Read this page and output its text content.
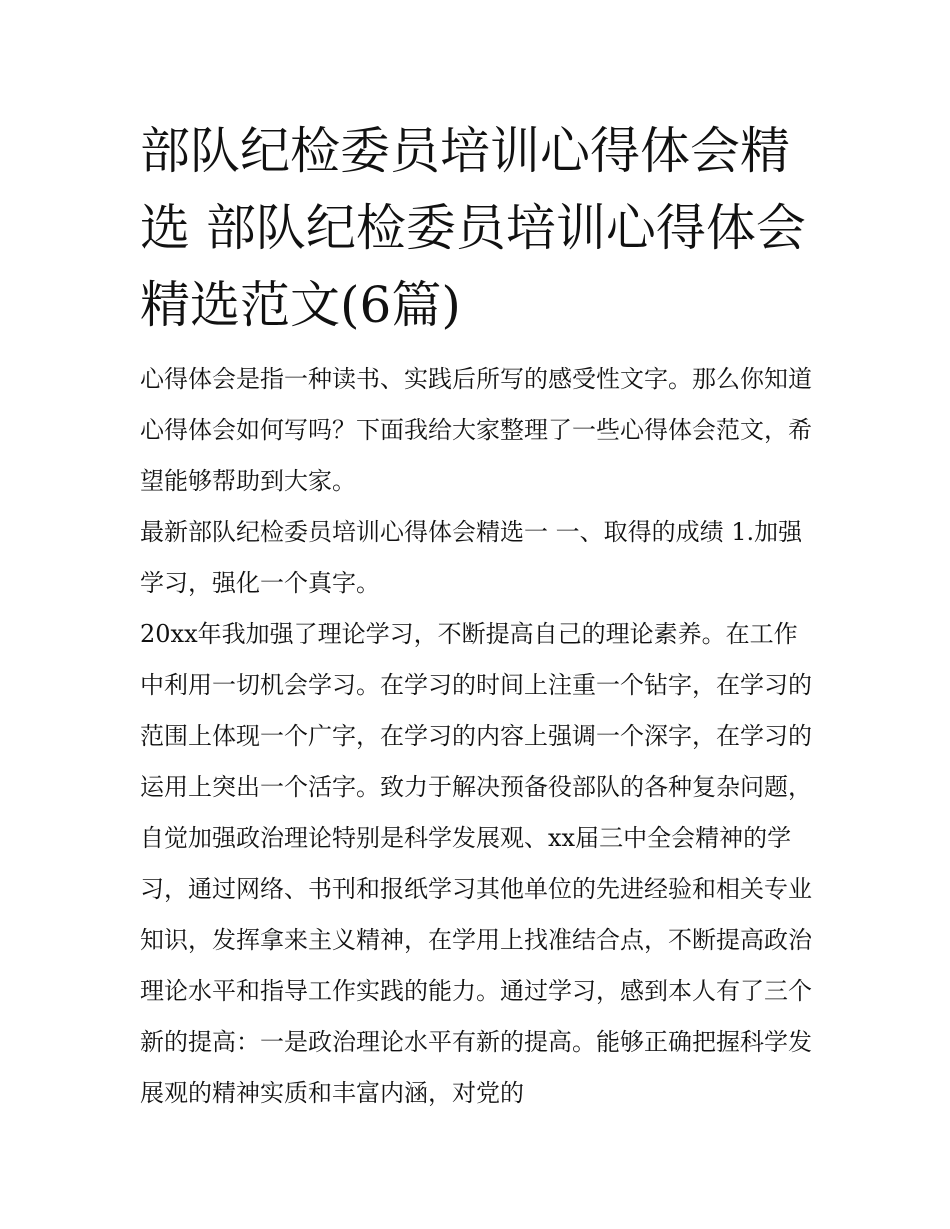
部队纪检委员培训心得体会精选 部队纪检委员培训心得体会精选范文(6篇)

心得体会是指一种读书、实践后所写的感受性文字。那么你知道心得体会如何写吗？下面我给大家整理了一些心得体会范文，希望能够帮助到大家。

最新部队纪检委员培训心得体会精选一 一、取得的成绩 1.加强学习，强化一个真字。

20xx年我加强了理论学习，不断提高自己的理论素养。在工作中利用一切机会学习。在学习的时间上注重一个钻字，在学习的范围上体现一个广字，在学习的内容上强调一个深字，在学习的运用上突出一个活字。致力于解决预备役部队的各种复杂问题，自觉加强政治理论特别是科学发展观、xx届三中全会精神的学习，通过网络、书刊和报纸学习其他单位的先进经验和相关专业知识，发挥拿来主义精神，在学用上找准结合点，不断提高政治理论水平和指导工作实践的能力。通过学习，感到本人有了三个新的提高：一是政治理论水平有新的提高。能够正确把握科学发展观的精神实质和丰富内涵，对党的
